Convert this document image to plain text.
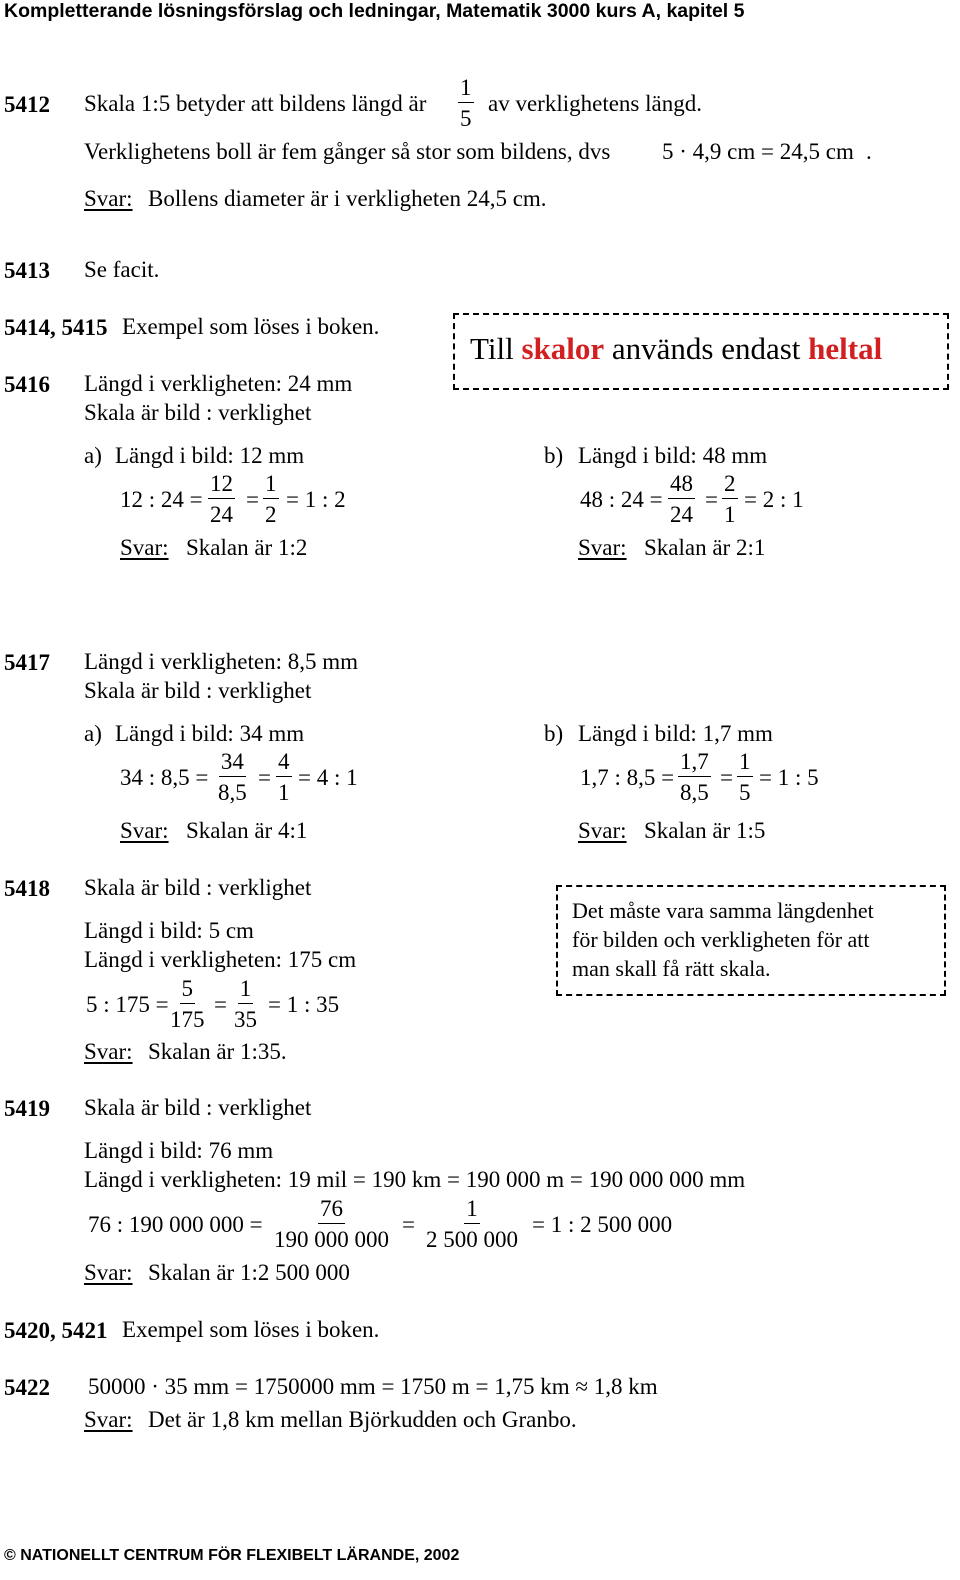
Kompletterande lösningsförslag och ledningar, Matematik 3000 kurs A, kapitel 5
5412 Skala 1:5 betyder att bildens längd är $\frac{1}{5}$ av verklighetens längd.
Verklighetens boll är fem gånger så stor som bildens, dvs 5 · 4,9 cm = 24,5 cm .
Svar: Bollens diameter är i verkligheten 24,5 cm.
5413 Se facit.
5414, 5415 Exempel som löses i boken.
Till skalor används endast heltal
5416 Längd i verkligheten: 24 mm
Skala är bild : verklighet
a) Längd i bild: 12 mm
12 : $24 = \frac{12}{24} = \frac{1}{2} = 1$ : 2
Svar: Skalan är 1:2
b) Längd i bild: 48 mm
48 : $24 = \frac{48}{24} = \frac{2}{1} = 2$ : 1
Svar: Skalan är 2:1
5417 Längd i verkligheten: 8,5 mm
Skala är bild : verklighet
a) Längd i bild: 34 mm
34 : $8,5 = \frac{34}{8,5} = \frac{4}{1} = 4$ : 1
Svar: Skalan är 4:1
b) Längd i bild: 1,7 mm
1,7 : $8,5 = \frac{1,7}{8,5} = \frac{1}{5} = 1$ : 5
Svar: Skalan är 1:5
5418 Skala är bild : verklighet
Längd i bild: 5 cm
Längd i verkligheten: 175 cm
5 : $175 = \frac{5}{175} = \frac{1}{35} = 1$ : 35
Svar: Skalan är 1:35.
Det måste vara samma längdenhet
för bilden och verkligheten för att
man skall få rätt skala.
5419 Skala är bild : verklighet
Längd i bild: 76 mm
Längd i verkligheten: 19 mil = 190 km = 190 000 m = 190 000 000 mm
76 : 190 000 $000 = \frac{76}{190 000 000} = \frac{1}{2 500 000} = 1$ : 2 500 000
Svar: Skalan är 1:2 500 000
5420, 5421 Exempel som löses i boken.
5422 50000 · 35 mm = 1750000 mm = 1750 m = 1,75 km ≈ 1,8 km
Svar: Det är 1,8 km mellan Björkudden och Granbo.
© NATIONELLT CENTRUM FÖR FLEXIBELT LÄRANDE, 2002
